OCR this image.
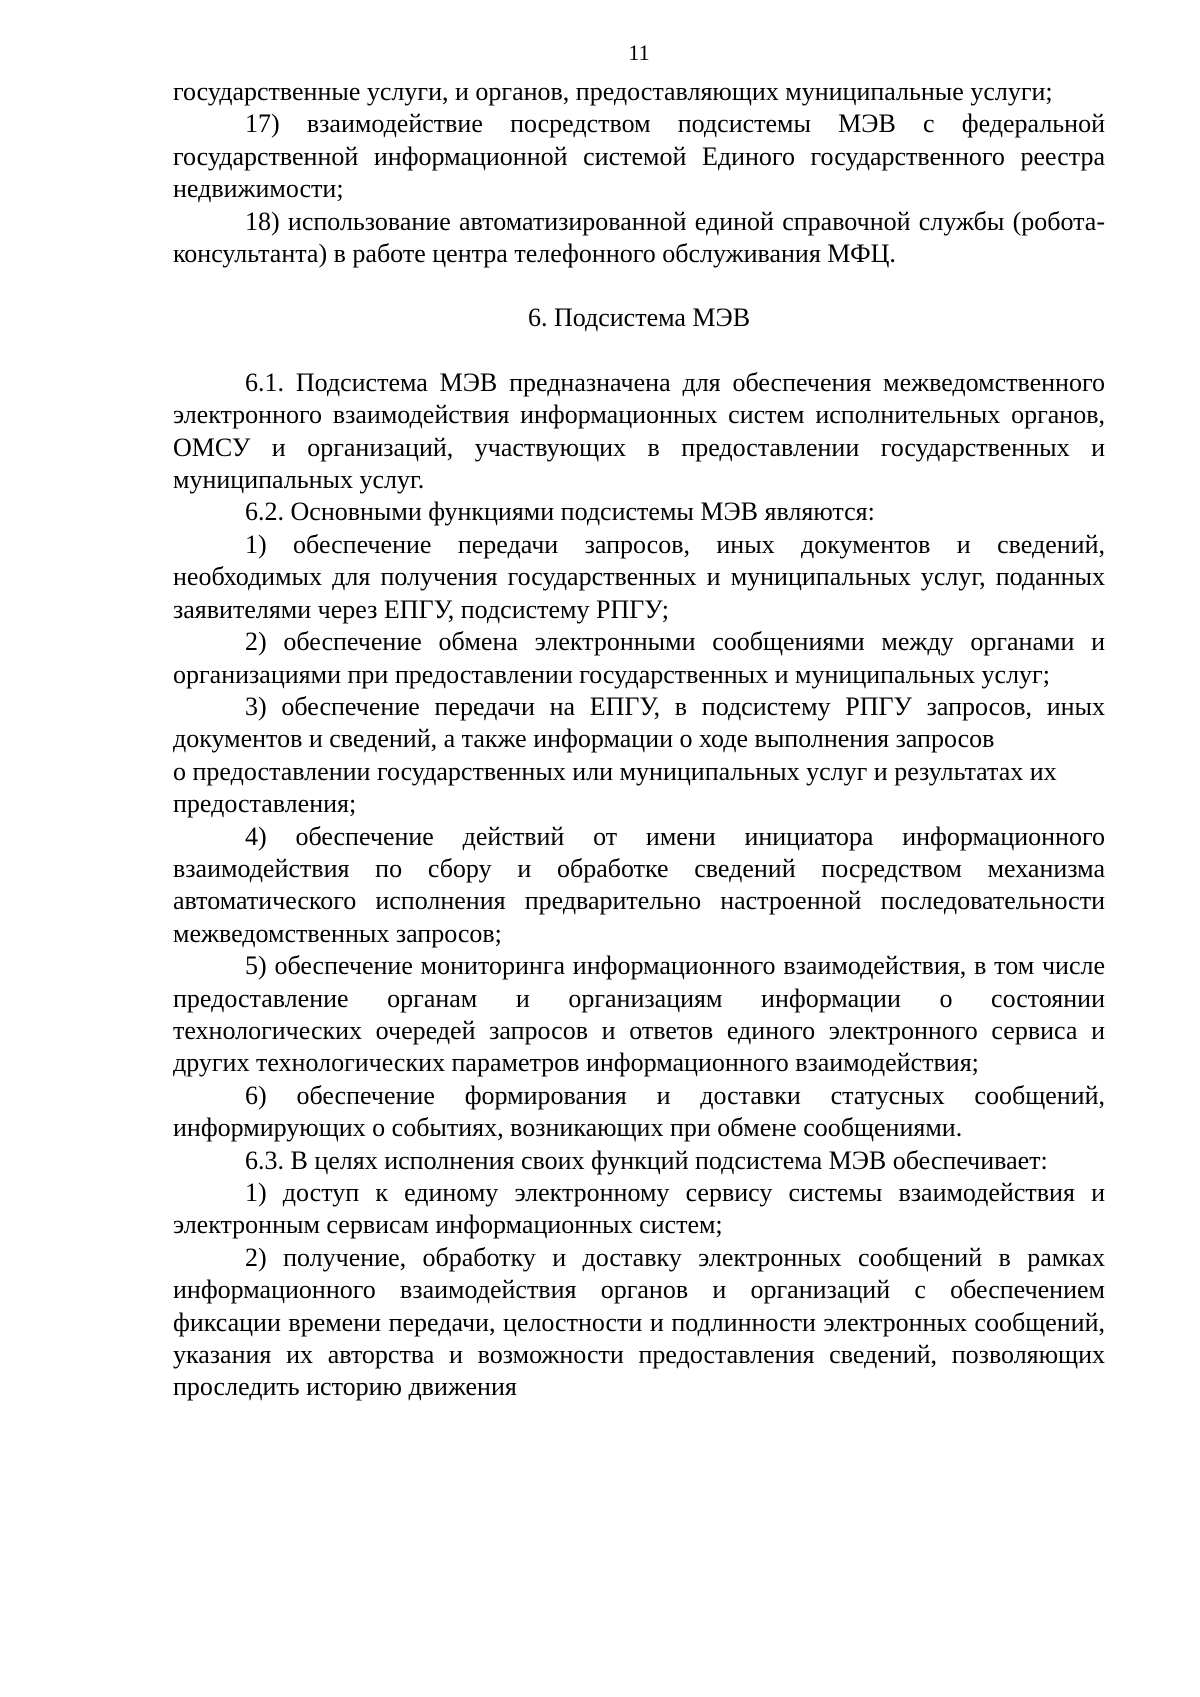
11

государственные услуги, и органов, предоставляющих муниципальные услуги;

17) взаимодействие посредством подсистемы МЭВ с федеральной государственной информационной системой Единого государственного реестра недвижимости;

18) использование автоматизированной единой справочной службы (робота-консультанта) в работе центра телефонного обслуживания МФЦ.

6. Подсистема МЭВ

6.1. Подсистема МЭВ предназначена для обеспечения межведомственного электронного взаимодействия информационных систем исполнительных органов, ОМСУ и организаций, участвующих в предоставлении государственных и муниципальных услуг.

6.2. Основными функциями подсистемы МЭВ являются:

1) обеспечение передачи запросов, иных документов и сведений, необходимых для получения государственных и муниципальных услуг, поданных заявителями через ЕПГУ, подсистему РПГУ;

2) обеспечение обмена электронными сообщениями между органами и организациями при предоставлении государственных и муниципальных услуг;

3) обеспечение передачи на ЕПГУ, в подсистему РПГУ запросов, иных документов и сведений, а также информации о ходе выполнения запросов

о предоставлении государственных или муниципальных услуг и результатах их предоставления;

4) обеспечение действий от имени инициатора информационного взаимодействия по сбору и обработке сведений посредством механизма автоматического исполнения предварительно настроенной последовательности межведомственных запросов;

5) обеспечение мониторинга информационного взаимодействия, в том числе предоставление органам и организациям информации о состоянии технологических очередей запросов и ответов единого электронного сервиса и других технологических параметров информационного взаимодействия;

6) обеспечение формирования и доставки статусных сообщений, информирующих о событиях, возникающих при обмене сообщениями.

6.3. В целях исполнения своих функций подсистема МЭВ обеспечивает:

1) доступ к единому электронному сервису системы взаимодействия и электронным сервисам информационных систем;

2) получение, обработку и доставку электронных сообщений в рамках информационного взаимодействия органов и организаций с обеспечением фиксации времени передачи, целостности и подлинности электронных сообщений, указания их авторства и возможности предоставления сведений, позволяющих проследить историю движения
